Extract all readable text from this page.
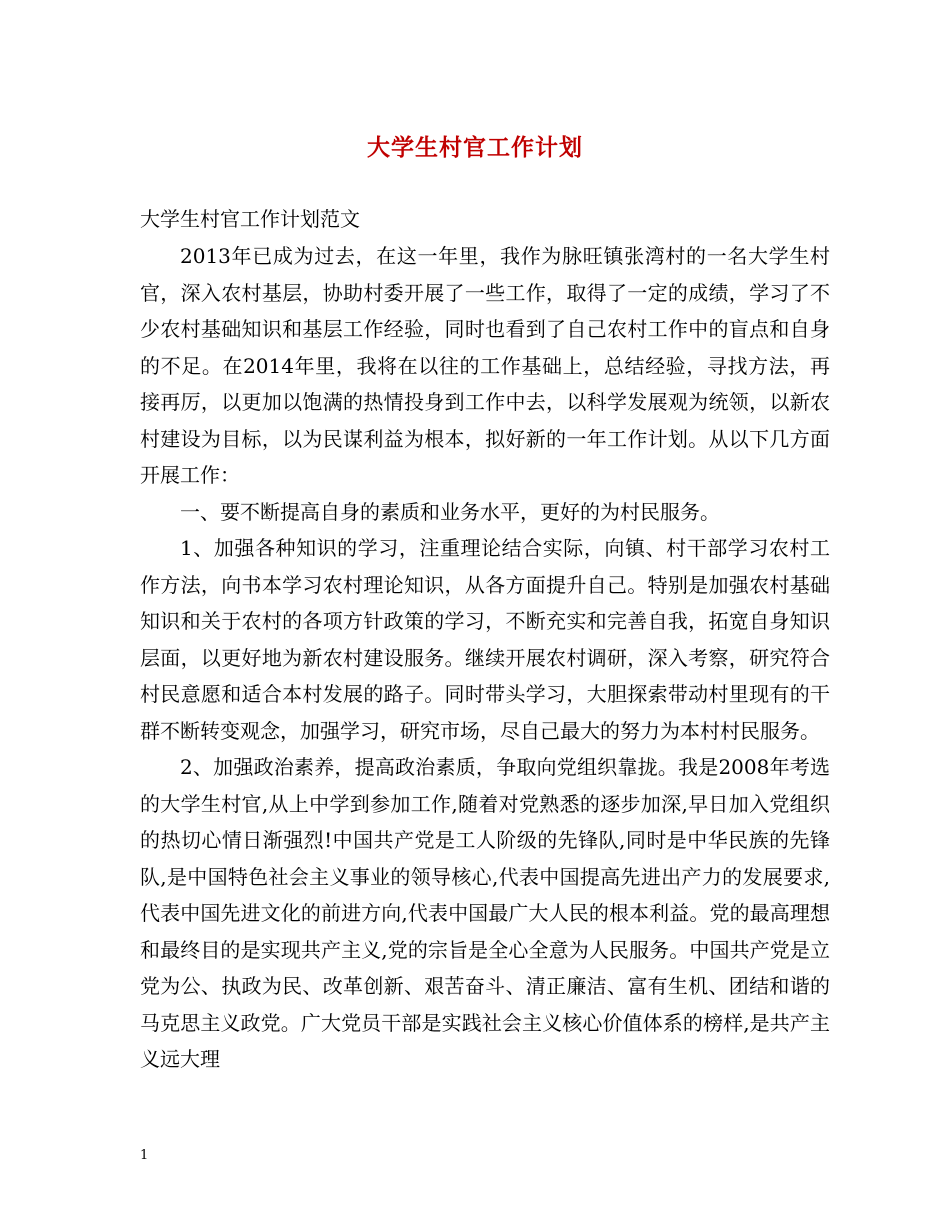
大学生村官工作计划
大学生村官工作计划范文

2013年已成为过去，在这一年里，我作为脉旺镇张湾村的一名大学生村官，深入农村基层，协助村委开展了一些工作，取得了一定的成绩，学习了不少农村基础知识和基层工作经验，同时也看到了自己农村工作中的盲点和自身的不足。在2014年里，我将在以往的工作基础上，总结经验，寻找方法，再接再厉，以更加以饱满的热情投身到工作中去，以科学发展观为统领，以新农村建设为目标，以为民谋利益为根本，拟好新的一年工作计划。从以下几方面开展工作：

一、要不断提高自身的素质和业务水平，更好的为村民服务。

1、加强各种知识的学习，注重理论结合实际，向镇、村干部学习农村工作方法，向书本学习农村理论知识，从各方面提升自己。特别是加强农村基础知识和关于农村的各项方针政策的学习，不断充实和完善自我，拓宽自身知识层面，以更好地为新农村建设服务。继续开展农村调研，深入考察，研究符合村民意愿和适合本村发展的路子。同时带头学习，大胆探索带动村里现有的干群不断转变观念，加强学习，研究市场，尽自己最大的努力为本村村民服务。

2、加强政治素养，提高政治素质，争取向党组织靠拢。我是2008年考选的大学生村官,从上中学到参加工作,随着对党熟悉的逐步加深,早日加入党组织的热切心情日渐强烈!中国共产党是工人阶级的先锋队,同时是中华民族的先锋队,是中国特色社会主义事业的领导核心,代表中国提高先进出产力的发展要求,代表中国先进文化的前进方向,代表中国最广大人民的根本利益。党的最高理想和最终目的是实现共产主义,党的宗旨是全心全意为人民服务。中国共产党是立党为公、执政为民、改革创新、艰苦奋斗、清正廉洁、富有生机、团结和谐的马克思主义政党。广大党员干部是实践社会主义核心价值体系的榜样,是共产主义远大理

1
